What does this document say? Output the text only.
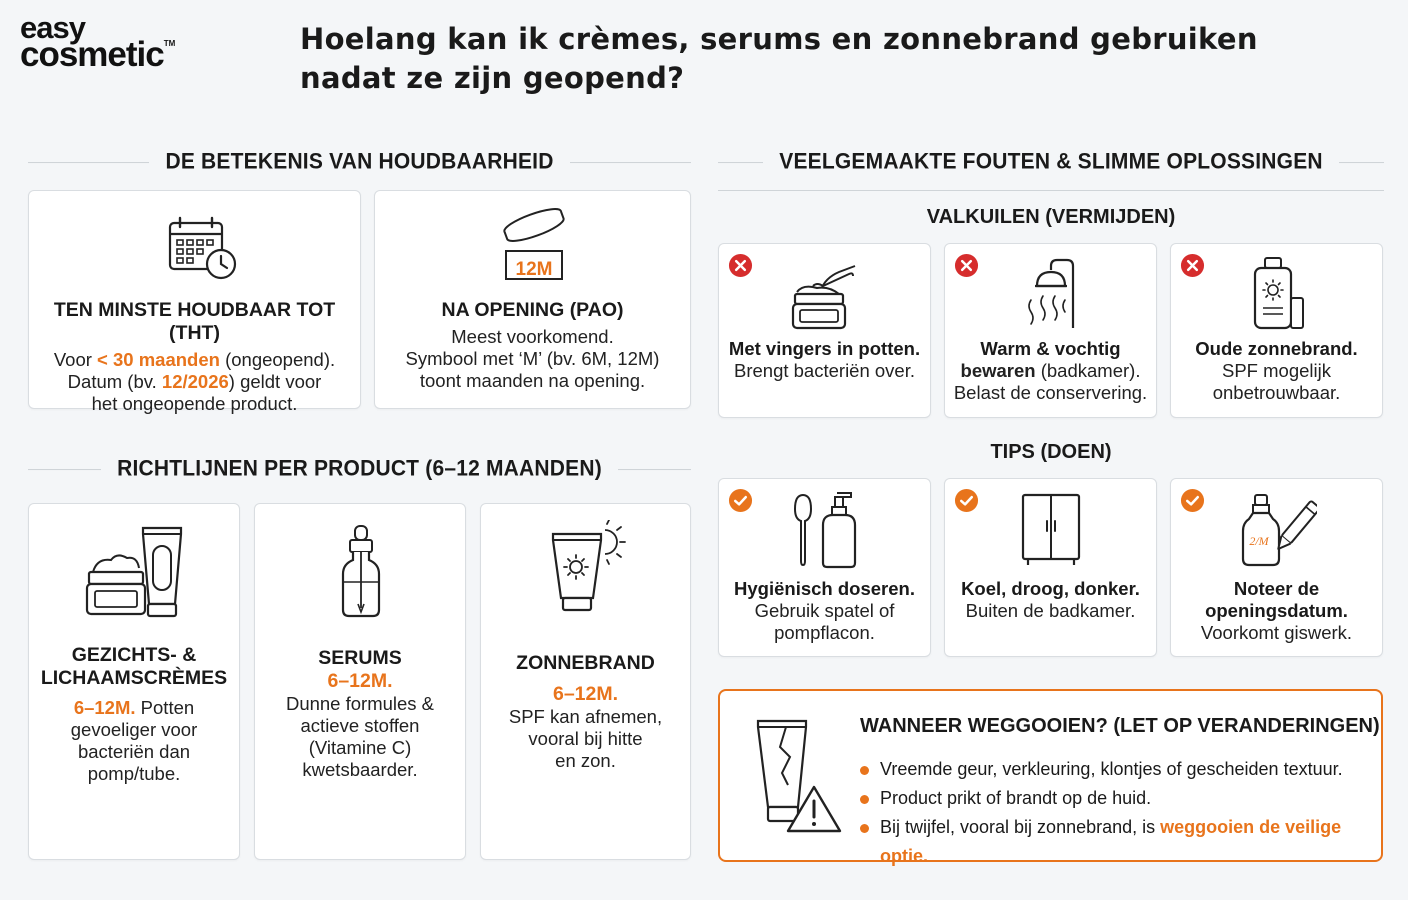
easy
cosmetic™	Hoelang kan ik crèmes, serums en zonnebrand gebruiken nadat ze zijn geopend?
DE BETEKENIS VAN HOUDBAARHEID
TEN MINSTE HOUDBAAR TOT (THT)
Voor < 30 maanden (ongeopend).
Datum (bv. 12/2026) geldt voor
het ongeopende product.
12M
NA OPENING (PAO)
Meest voorkomend.
Symbool met ‘M’ (bv. 6M, 12M)
toont maanden na opening.
RICHTLIJNEN PER PRODUCT (6–12 MAANDEN)
GEZICHTS- &
LICHAAMSCRÈMES
6–12M. Potten
gevoeliger voor
bacteriën dan
pomp/tube.
SERUMS
6–12M.
Dunne formules &
actieve stoffen
(Vitamine C)
kwetsbaarder.
ZONNEBRAND
6–12M.
SPF kan afnemen,
vooral bij hitte
en zon.
VEELGEMAAKTE FOUTEN & SLIMME OPLOSSINGEN
VALKUILEN (VERMIJDEN)
Met vingers in potten.
Brengt bacteriën over.
Warm & vochtig
bewaren (badkamer).
Belast de conservering.
Oude zonnebrand.
SPF mogelijk
onbetrouwbaar.
TIPS (DOEN)
Hygiënisch doseren.
Gebruik spatel of
pompflacon.
Koel, droog, donker.
Buiten de badkamer.
2/M
Noteer de
openingsdatum.
Voorkomt giswerk.
WANNEER WEGGOOIEN? (LET OP VERANDERINGEN)
Vreemde geur, verkleuring, klontjes of gescheiden textuur.
Product prikt of brandt op de huid.
Bij twijfel, vooral bij zonnebrand, is weggooien de veilige optie.
